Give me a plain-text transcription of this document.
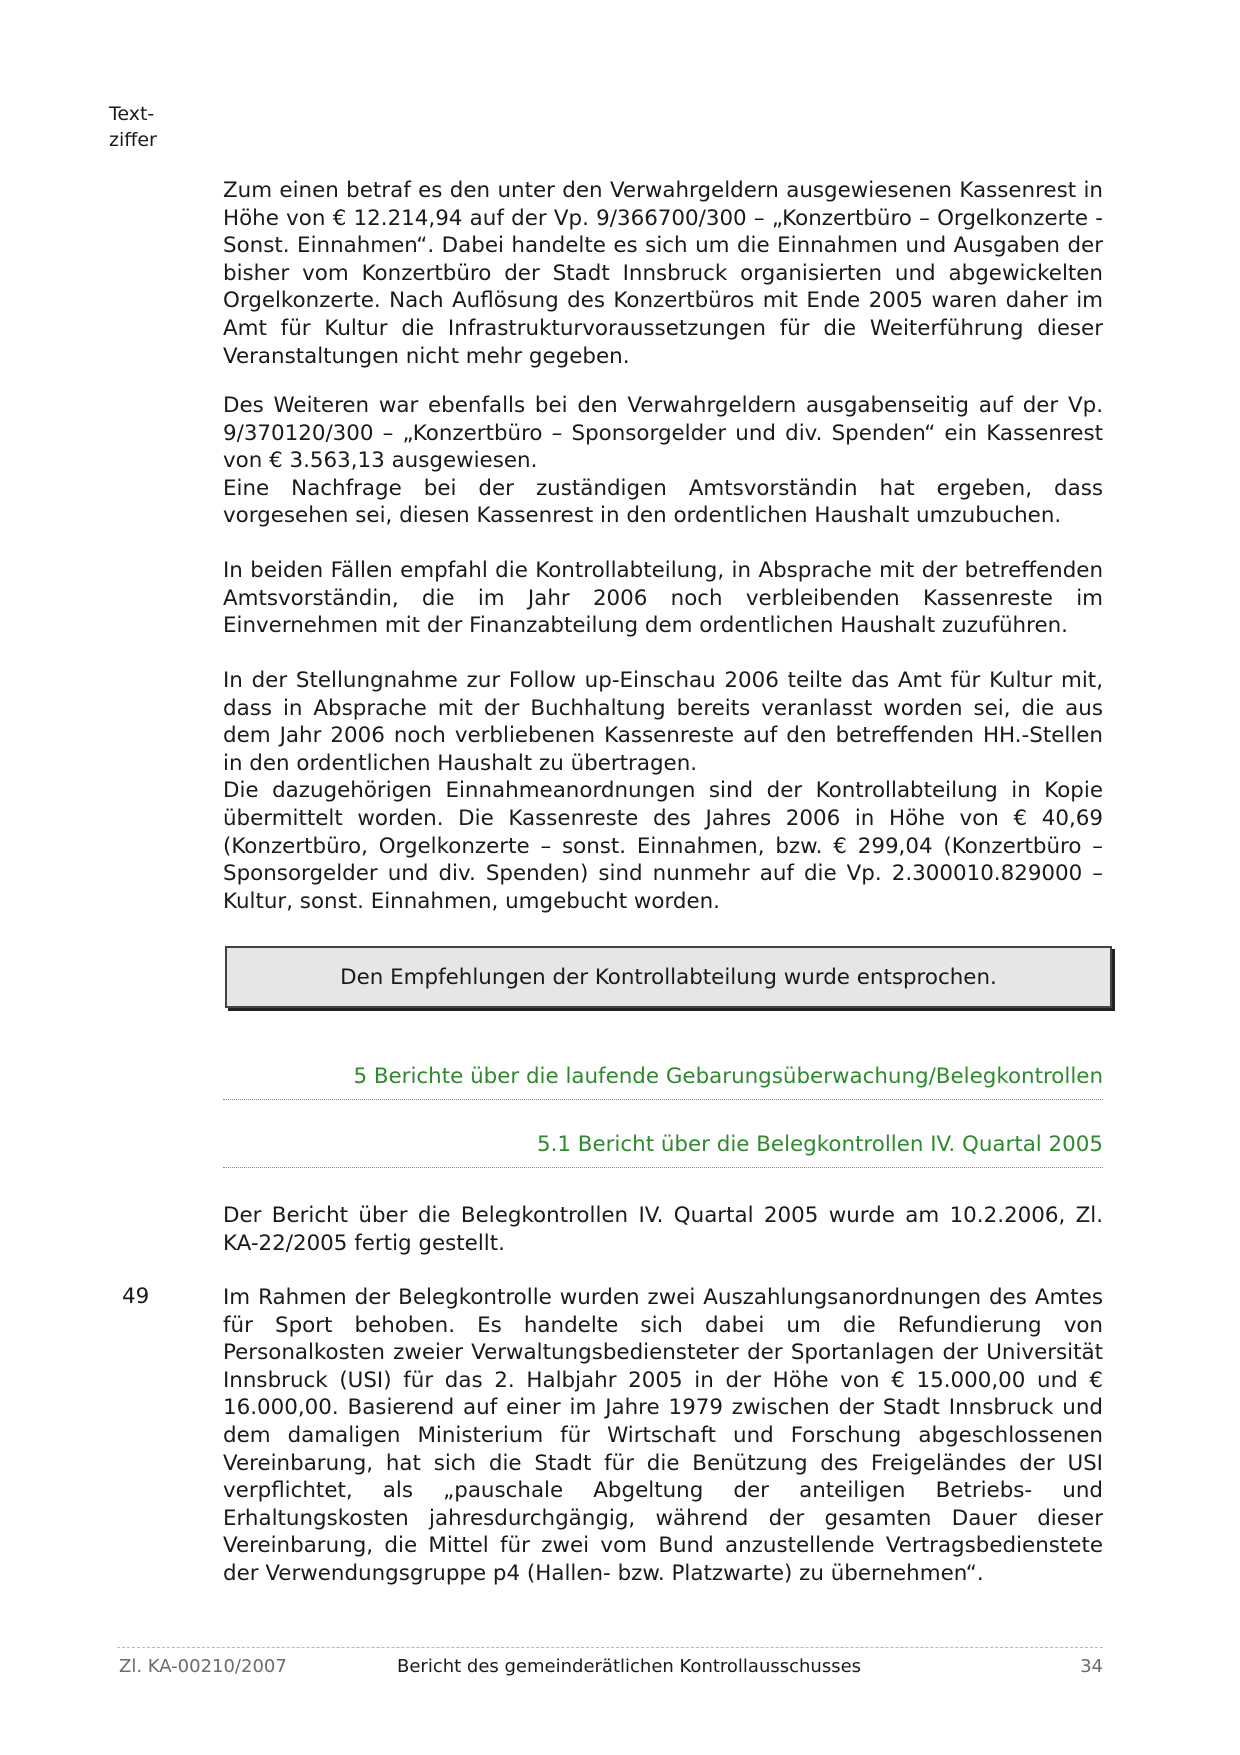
Text-
ziffer

Zum einen betraf es den unter den Verwahrgeldern ausgewiesenen Kassenrest in Höhe von € 12.214,94 auf der Vp. 9/366700/300 – „Konzertbüro – Orgelkonzerte - Sonst. Einnahmen“. Dabei handelte es sich um die Einnahmen und Ausgaben der bisher vom Konzertbüro der Stadt Innsbruck organisierten und abgewickelten Orgelkonzerte. Nach Auflösung des Konzertbüros mit Ende 2005 waren daher im Amt für Kultur die Infrastrukturvoraussetzungen für die Weiterführung dieser Veranstaltungen nicht mehr gegeben.

Des Weiteren war ebenfalls bei den Verwahrgeldern ausgabenseitig auf der Vp. 9/370120/300 – „Konzertbüro – Sponsorgelder und div. Spenden“ ein Kassenrest von € 3.563,13 ausgewiesen.
Eine Nachfrage bei der zuständigen Amtsvorständin hat ergeben, dass vorgesehen sei, diesen Kassenrest in den ordentlichen Haushalt umzubuchen.

In beiden Fällen empfahl die Kontrollabteilung, in Absprache mit der betreffenden Amtsvorständin, die im Jahr 2006 noch verbleibenden Kassenreste im Einvernehmen mit der Finanzabteilung dem ordentlichen Haushalt zuzuführen.

In der Stellungnahme zur Follow up-Einschau 2006 teilte das Amt für Kultur mit, dass in Absprache mit der Buchhaltung bereits veranlasst worden sei, die aus dem Jahr 2006 noch verbliebenen Kassenreste auf den betreffenden HH.-Stellen in den ordentlichen Haushalt zu übertragen.
Die dazugehörigen Einnahmeanordnungen sind der Kontrollabteilung in Kopie übermittelt worden. Die Kassenreste des Jahres 2006 in Höhe von € 40,69 (Konzertbüro, Orgelkonzerte – sonst. Einnahmen, bzw. € 299,04 (Konzertbüro – Sponsorgelder und div. Spenden) sind nunmehr auf die Vp. 2.300010.829000 – Kultur, sonst. Einnahmen, umgebucht worden.
Den Empfehlungen der Kontrollabteilung wurde entsprochen.
5 Berichte über die laufende Gebarungsüberwachung/Belegkontrollen
5.1 Bericht über die Belegkontrollen IV. Quartal 2005

Der Bericht über die Belegkontrollen IV. Quartal 2005 wurde am 10.2.2006, Zl. KA-22/2005 fertig gestellt.

49	Im Rahmen der Belegkontrolle wurden zwei Auszahlungsanordnungen des Amtes für Sport behoben. Es handelte sich dabei um die Refundierung von Personalkosten zweier Verwaltungsbediensteter der Sportanlagen der Universität Innsbruck (USI) für das 2. Halbjahr 2005 in der Höhe von € 15.000,00 und € 16.000,00. Basierend auf einer im Jahre 1979 zwischen der Stadt Innsbruck und dem damaligen Ministerium für Wirtschaft und Forschung abgeschlossenen Vereinbarung, hat sich die Stadt für die Benützung des Freigeländes der USI verpflichtet, als „pauschale Abgeltung der anteiligen Betriebs- und Erhaltungskosten jahresdurchgängig, während der gesamten Dauer dieser Vereinbarung, die Mittel für zwei vom Bund anzustellende Vertragsbedienstete der Verwendungsgruppe p4 (Hallen- bzw. Platzwarte) zu übernehmen“.

Zl. KA-00210/2007	Bericht des gemeinderätlichen Kontrollausschusses	34
